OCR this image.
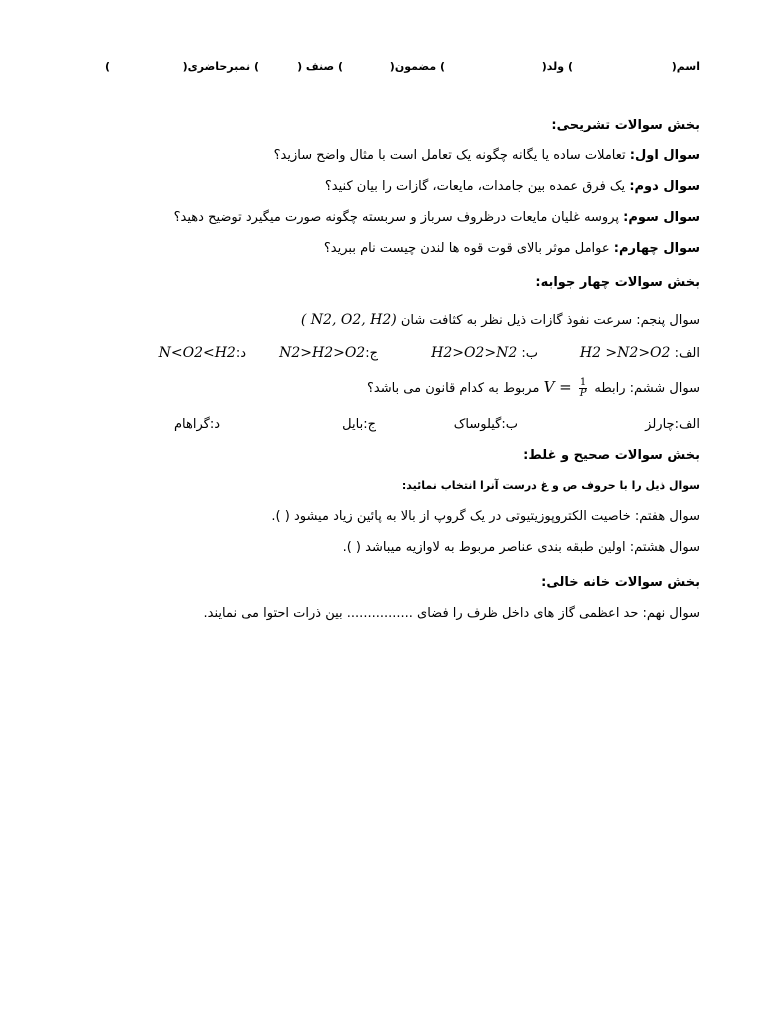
اسم(
) ولد(
) مضمون(
) صنف (
) نمبرحاضری(
)
بخش سوالات تشریحی:
سوال اول: تعاملات ساده یا یگانه چگونه یک تعامل است با مثال واضح سازید؟
سوال دوم: یک فرق عمده بین جامدات، مایعات، گازات را بیان کنید؟
سوال سوم: پروسه غلیان مایعات درظروف سرباز و سربسته چگونه صورت میگیرد توضیح دهید؟
سوال چهارم: عوامل موثر بالای قوت قوه ها لندن چیست نام ببرید؟
بخش سوالات چهار جوابه:
سوال پنجم: سرعت نفوذ گازات ذیل نظر به کثافت شان ( N2, O2, H2)
الف: H2 >N2>O2
ب: H2>O2>N2
ج:N2>H2>O2
د:N<O2<H2
سوال ششم: رابطه
$\frac{1}{P}$
V = مربوط به کدام قانون می باشد؟
الف:چارلز
ب:گیلوساک
ج:بایل
د:گراهام
بخش سوالات صحیح و غلط:
سوال ذیل را با حروف ص و غ درست آنرا انتخاب نمائید:
سوال هفتم: خاصیت الکتروپوزیتیوتی در یک گروپ از بالا به پائین زیاد میشود ( ).
سوال هشتم: اولین طبقه بندی عناصر مربوط به لاوازیه میباشد ( ).
بخش سوالات خانه خالی:
سوال نهم: حد اعظمی گاز های داخل ظرف را فضای ................ بین ذرات احتوا می نمایند.
